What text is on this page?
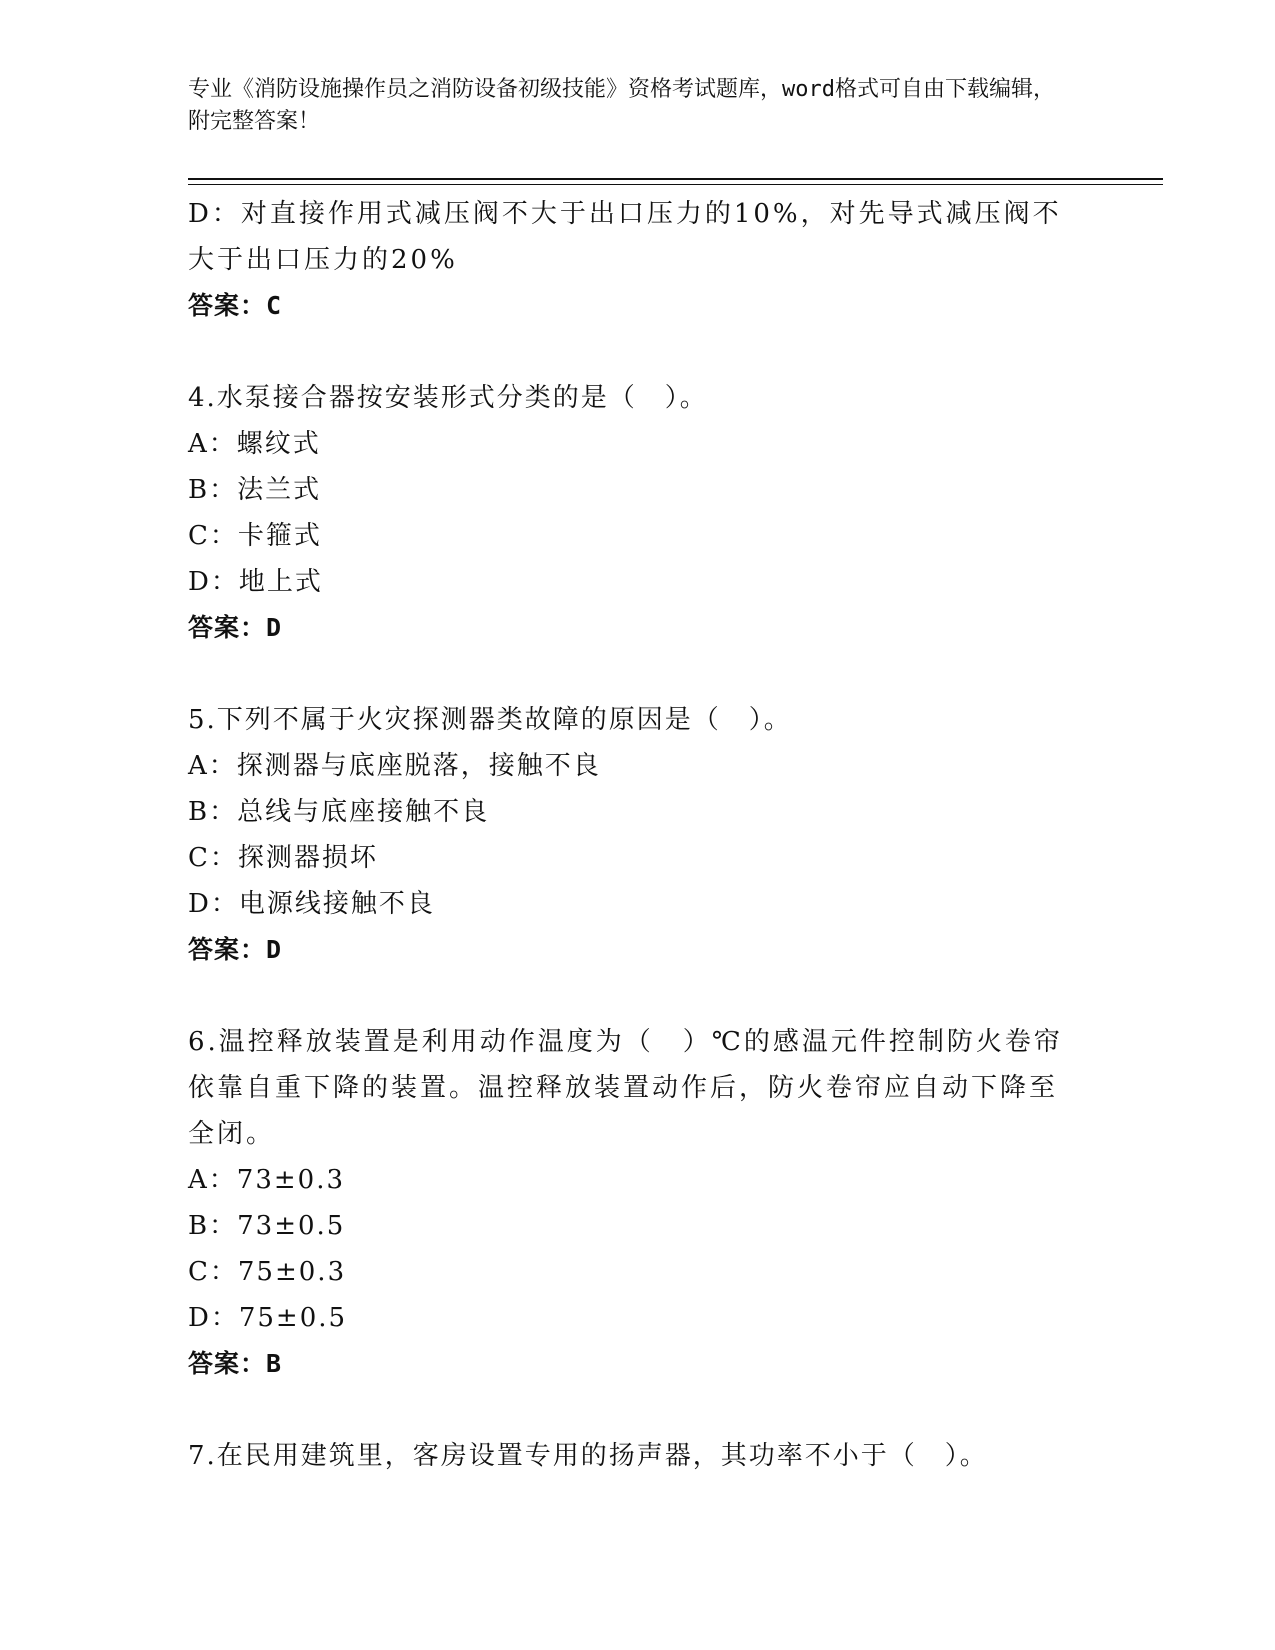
专业《消防设施操作员之消防设备初级技能》资格考试题库，word格式可自由下载编辑，附完整答案！
D：对直接作用式减压阀不大于出口压力的10%，对先导式减压阀不大于出口压力的20%
答案：C
4.水泵接合器按安装形式分类的是（　）。
A：螺纹式
B：法兰式
C：卡箍式
D：地上式
答案：D
5.下列不属于火灾探测器类故障的原因是（　）。
A：探测器与底座脱落，接触不良
B：总线与底座接触不良
C：探测器损坏
D：电源线接触不良
答案：D
6.温控释放装置是利用动作温度为（　）℃的感温元件控制防火卷帘依靠自重下降的装置。温控释放装置动作后，防火卷帘应自动下降至全闭。
A：73±0.3
B：73±0.5
C：75±0.3
D：75±0.5
答案：B
7.在民用建筑里，客房设置专用的扬声器，其功率不小于（　）。
